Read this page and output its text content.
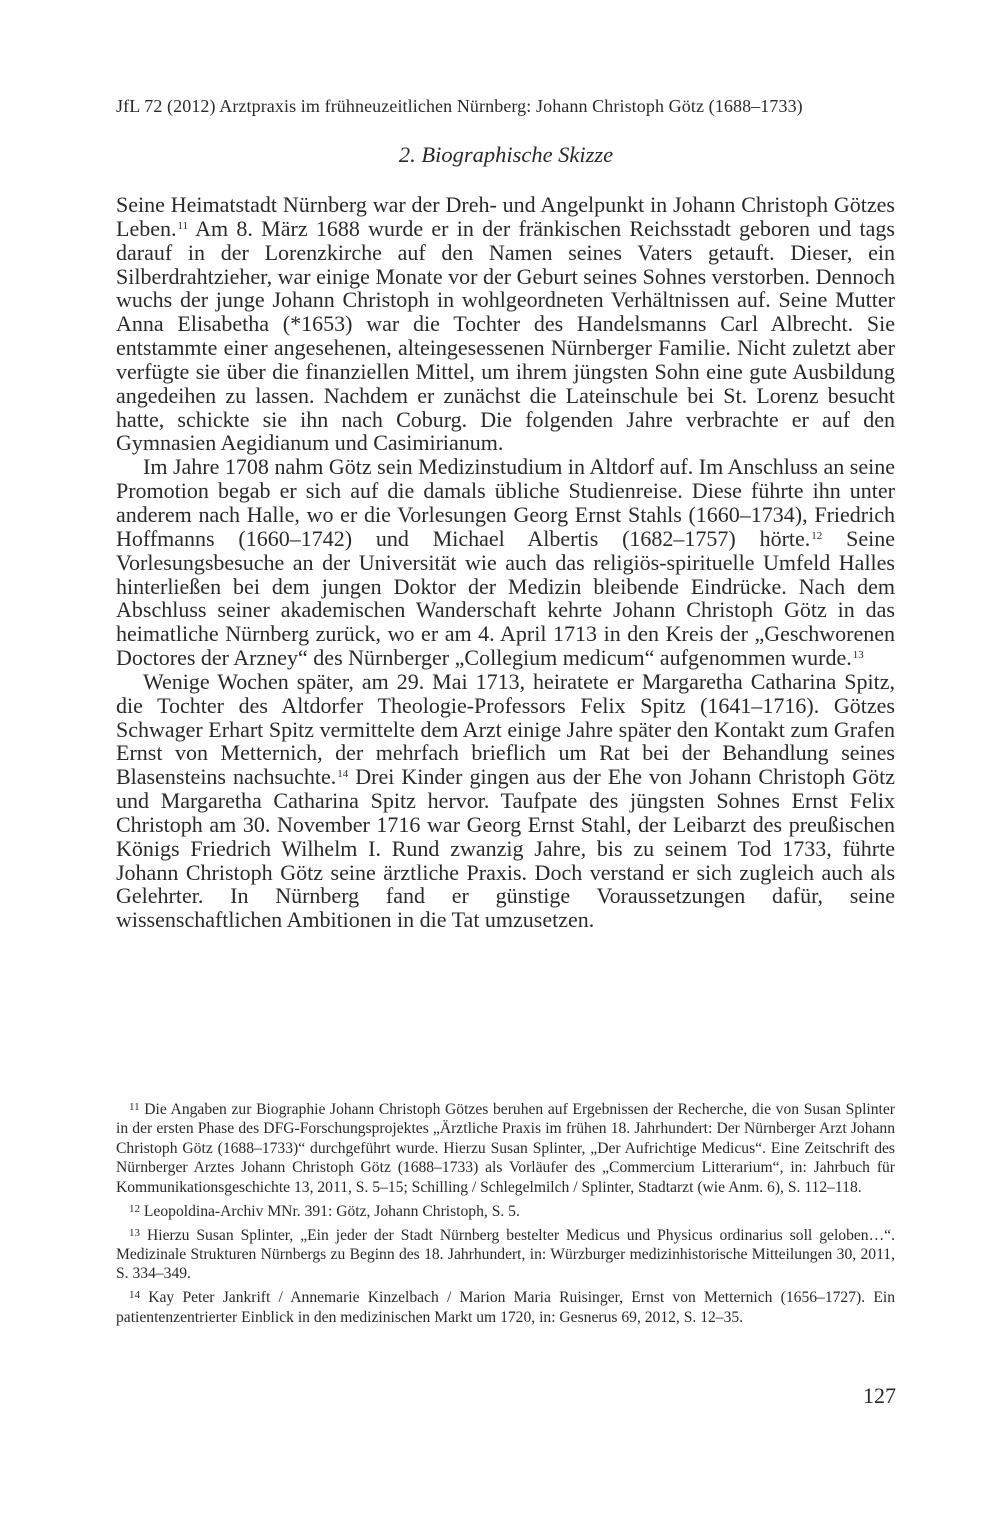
JfL 72 (2012) Arztpraxis im frühneuzeitlichen Nürnberg: Johann Christoph Götz (1688–1733)
2. Biographische Skizze

Seine Heimatstadt Nürnberg war der Dreh- und Angelpunkt in Johann Christoph Götzes Leben.$^{11}$ Am 8. März 1688 wurde er in der fränkischen Reichsstadt geboren und tags darauf in der Lorenzkirche auf den Namen seines Vaters getauft. Dieser, ein Silberdrahtzieher, war einige Monate vor der Geburt seines Sohnes verstorben. Dennoch wuchs der junge Johann Christoph in wohlgeordneten Verhältnissen auf. Seine Mutter Anna Elisabetha (*1653) war die Tochter des Handelsmanns Carl Albrecht. Sie entstammte einer angesehenen, alteingesessenen Nürnberger Familie. Nicht zuletzt aber verfügte sie über die finanziellen Mittel, um ihrem jüngsten Sohn eine gute Ausbildung angedeihen zu lassen. Nachdem er zunächst die Lateinschule bei St. Lorenz besucht hatte, schickte sie ihn nach Coburg. Die folgenden Jahre verbrachte er auf den Gymnasien Aegidianum und Casimirianum.

Im Jahre 1708 nahm Götz sein Medizinstudium in Altdorf auf. Im Anschluss an seine Promotion begab er sich auf die damals übliche Studienreise. Diese führte ihn unter anderem nach Halle, wo er die Vorlesungen Georg Ernst Stahls (1660–1734), Friedrich Hoffmanns (1660–1742) und Michael Albertis (1682–1757) hörte.$^{12}$ Seine Vorlesungsbesuche an der Universität wie auch das religiös-spirituelle Umfeld Halles hinterließen bei dem jungen Doktor der Medizin bleibende Eindrücke. Nach dem Abschluss seiner akademischen Wanderschaft kehrte Johann Christoph Götz in das heimatliche Nürnberg zurück, wo er am 4. April 1713 in den Kreis der „Geschworenen Doctores der Arzney“ des Nürnberger „Collegium medicum“ aufgenommen wurde.$^{13}$

Wenige Wochen später, am 29. Mai 1713, heiratete er Margaretha Catharina Spitz, die Tochter des Altdorfer Theologie-Professors Felix Spitz (1641–1716). Götzes Schwager Erhart Spitz vermittelte dem Arzt einige Jahre später den Kontakt zum Grafen Ernst von Metternich, der mehrfach brieflich um Rat bei der Behandlung seines Blasensteins nachsuchte.$^{14}$ Drei Kinder gingen aus der Ehe von Johann Christoph Götz und Margaretha Catharina Spitz hervor. Taufpate des jüngsten Sohnes Ernst Felix Christoph am 30. November 1716 war Georg Ernst Stahl, der Leibarzt des preußischen Königs Friedrich Wilhelm I. Rund zwanzig Jahre, bis zu seinem Tod 1733, führte Johann Christoph Götz seine ärztliche Praxis. Doch verstand er sich zugleich auch als Gelehrter. In Nürnberg fand er günstige Voraussetzungen dafür, seine wissenschaftlichen Ambitionen in die Tat umzusetzen.

$^{11}$ Die Angaben zur Biographie Johann Christoph Götzes beruhen auf Ergebnissen der Recherche, die von Susan Splinter in der ersten Phase des DFG-Forschungsprojektes „Ärztliche Praxis im frühen 18. Jahrhundert: Der Nürnberger Arzt Johann Christoph Götz (1688–1733)“ durchgeführt wurde. Hierzu Susan Splinter, „Der Aufrichtige Medicus“. Eine Zeitschrift des Nürnberger Arztes Johann Christoph Götz (1688–1733) als Vorläufer des „Commercium Litterarium“, in: Jahrbuch für Kommunikationsgeschichte 13, 2011, S. 5–15; Schilling / Schlegelmilch / Splinter, Stadtarzt (wie Anm. 6), S. 112–118.

$^{12}$ Leopoldina-Archiv MNr. 391: Götz, Johann Christoph, S. 5.

$^{13}$ Hierzu Susan Splinter, „Ein jeder der Stadt Nürnberg bestelter Medicus und Physicus ordinarius soll geloben…“. Medizinale Strukturen Nürnbergs zu Beginn des 18. Jahrhundert, in: Würzburger medizinhistorische Mitteilungen 30, 2011, S. 334–349.

$^{14}$ Kay Peter Jankrift / Annemarie Kinzelbach / Marion Maria Ruisinger, Ernst von Metternich (1656–1727). Ein patientenzentrierter Einblick in den medizinischen Markt um 1720, in: Gesnerus 69, 2012, S. 12–35.

127
